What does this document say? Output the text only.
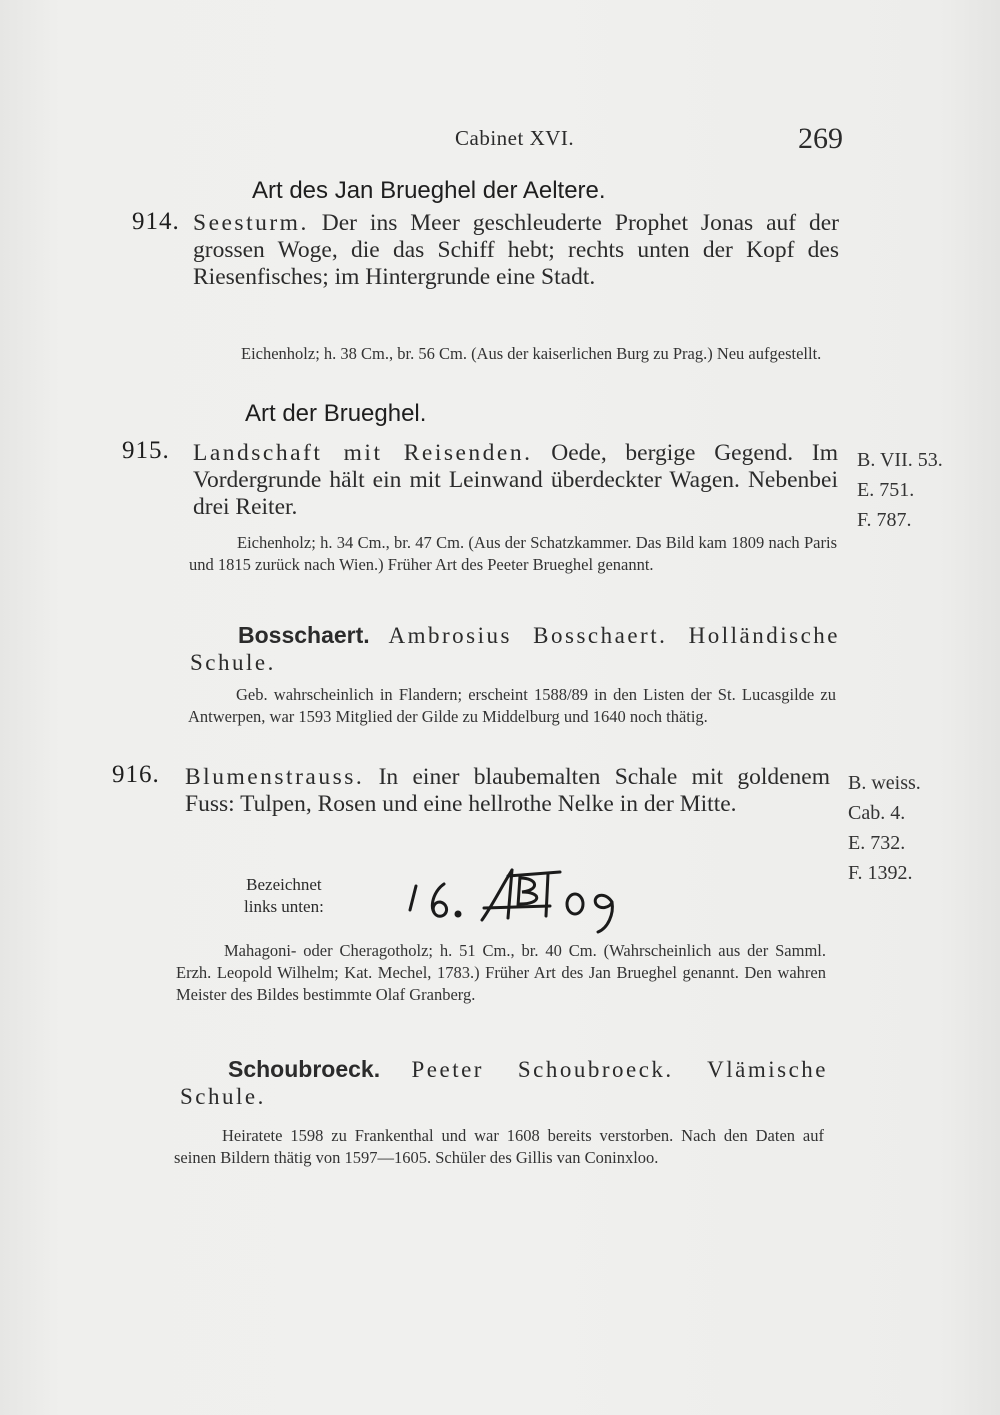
Cabinet XVI.	269
Art des Jan Brueghel der Aeltere.
914. Seesturm. Der ins Meer geschleuderte Prophet Jonas auf der grossen Woge, die das Schiff hebt; rechts unten der Kopf des Riesenfisches; im Hintergrunde eine Stadt.

Eichenholz; h. 38 Cm., br. 56 Cm. (Aus der kaiserlichen Burg zu Prag.) Neu aufgestellt.

Art der Brueghel.
915. Landschaft mit Reisenden. Oede, bergige Gegend. Im Vordergrunde hält ein mit Leinwand überdeckter Wagen. Nebenbei drei Reiter.

B. VII. 53.
E. 751.
F. 787.

Eichenholz; h. 34 Cm., br. 47 Cm. (Aus der Schatzkammer. Das Bild kam 1809 nach Paris und 1815 zurück nach Wien.) Früher Art des Peeter Brueghel genannt.

Bosschaert. Ambrosius Bosschaert. Holländische Schule.

Geb. wahrscheinlich in Flandern; erscheint 1588/89 in den Listen der St. Lucasgilde zu Antwerpen, war 1593 Mitglied der Gilde zu Middelburg und 1640 noch thätig.

916. Blumenstrauss. In einer blaubemalten Schale mit goldenem Fuss: Tulpen, Rosen und eine hellrothe Nelke in der Mitte.

B. weiss.
Cab. 4.
E. 732.
F. 1392.
Bezeichnet
links unten:

Mahagoni- oder Cheragotholz; h. 51 Cm., br. 40 Cm. (Wahrscheinlich aus der Samml. Erzh. Leopold Wilhelm; Kat. Mechel, 1783.) Früher Art des Jan Brueghel genannt. Den wahren Meister des Bildes bestimmte Olaf Granberg.

Schoubroeck. Peeter Schoubroeck. Vlämische Schule.

Heiratete 1598 zu Frankenthal und war 1608 bereits verstorben. Nach den Daten auf seinen Bildern thätig von 1597—1605. Schüler des Gillis van Coninxloo.
